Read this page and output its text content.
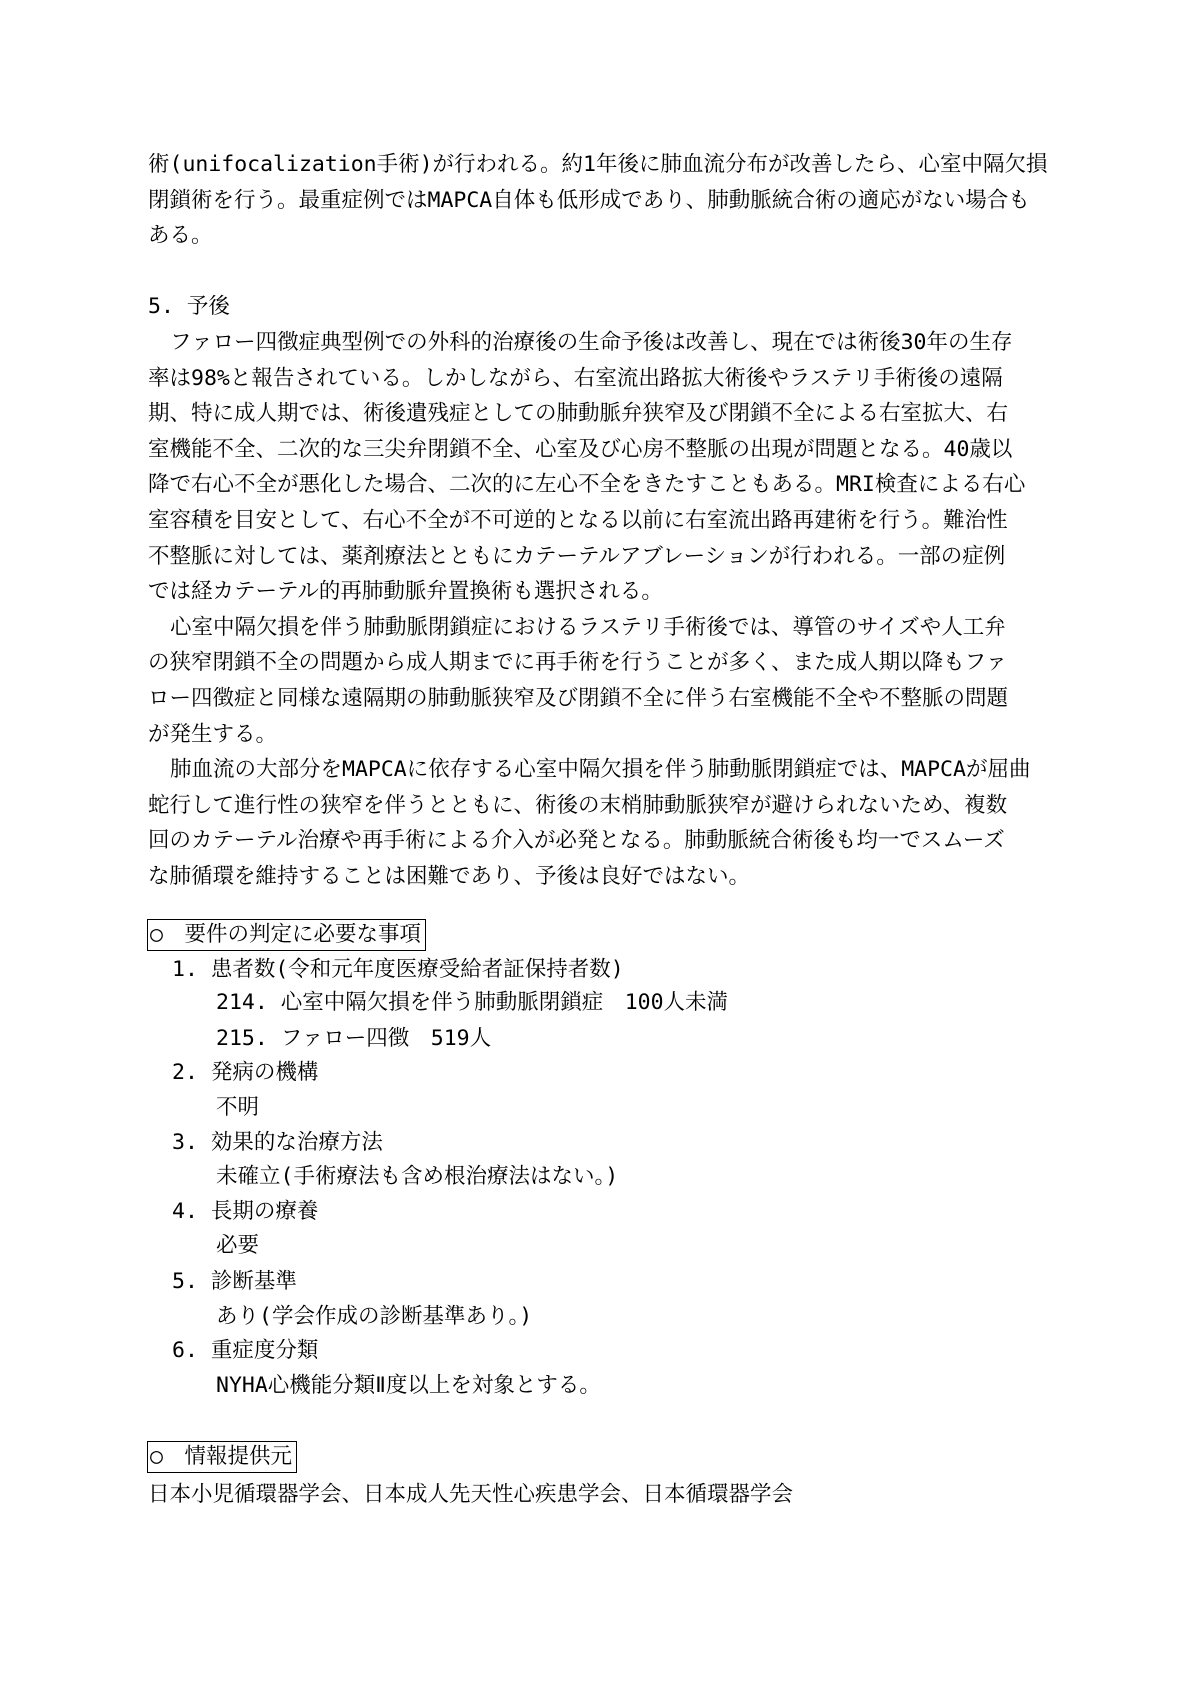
術(unifocalization手術)が行われる。約1年後に肺血流分布が改善したら、心室中隔欠損
閉鎖術を行う。最重症例ではMAPCA自体も低形成であり、肺動脈統合術の適応がない場合も
ある。
5. 予後
ファロー四徴症典型例での外科的治療後の生命予後は改善し、現在では術後30年の生存
率は98%と報告されている。しかしながら、右室流出路拡大術後やラステリ手術後の遠隔
期、特に成人期では、術後遺残症としての肺動脈弁狭窄及び閉鎖不全による右室拡大、右
室機能不全、二次的な三尖弁閉鎖不全、心室及び心房不整脈の出現が問題となる。40歳以
降で右心不全が悪化した場合、二次的に左心不全をきたすこともある。MRI検査による右心
室容積を目安として、右心不全が不可逆的となる以前に右室流出路再建術を行う。難治性
不整脈に対しては、薬剤療法とともにカテーテルアブレーションが行われる。一部の症例
では経カテーテル的再肺動脈弁置換術も選択される。
心室中隔欠損を伴う肺動脈閉鎖症におけるラステリ手術後では、導管のサイズや人工弁
の狭窄閉鎖不全の問題から成人期までに再手術を行うことが多く、また成人期以降もファ
ロー四徴症と同様な遠隔期の肺動脈狭窄及び閉鎖不全に伴う右室機能不全や不整脈の問題
が発生する。
肺血流の大部分をMAPCAに依存する心室中隔欠損を伴う肺動脈閉鎖症では、MAPCAが屈曲
蛇行して進行性の狭窄を伴うとともに、術後の末梢肺動脈狭窄が避けられないため、複数
回のカテーテル治療や再手術による介入が必発となる。肺動脈統合術後も均一でスムーズ
な肺循環を維持することは困難であり、予後は良好ではない。
○　要件の判定に必要な事項
1. 患者数(令和元年度医療受給者証保持者数)
214. 心室中隔欠損を伴う肺動脈閉鎖症　100人未満
215. ファロー四徴　519人
2. 発病の機構
不明
3. 効果的な治療方法
未確立(手術療法も含め根治療法はない。)
4. 長期の療養
必要
5. 診断基準
あり(学会作成の診断基準あり。)
6. 重症度分類
NYHA心機能分類Ⅱ度以上を対象とする。
○　情報提供元
日本小児循環器学会、日本成人先天性心疾患学会、日本循環器学会
